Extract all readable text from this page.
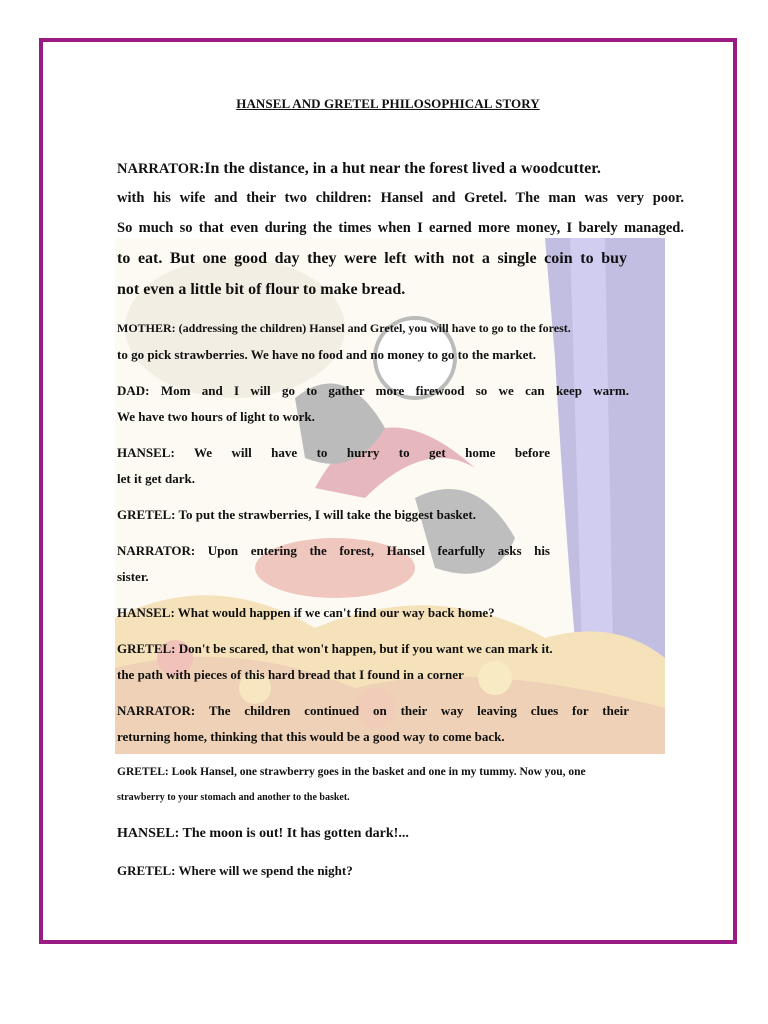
HANSEL AND GRETEL PHILOSOPHICAL STORY
NARRATOR:In the distance, in a hut near the forest lived a woodcutter.
with his wife and their two children: Hansel and Gretel. The man was very poor.
So much so that even during the times when I earned more money, I barely managed.
to eat. But one good day they were left with not a single coin to buy
not even a little bit of flour to make bread.
MOTHER: (addressing the children) Hansel and Gretel, you will have to go to the forest.
to go pick strawberries. We have no food and no money to go to the market.
DAD: Mom and I will go to gather more firewood so we can keep warm.
We have two hours of light to work.
HANSEL: We will have to hurry to get home before
let it get dark.
GRETEL: To put the strawberries, I will take the biggest basket.
NARRATOR: Upon entering the forest, Hansel fearfully asks his
sister.
HANSEL: What would happen if we can't find our way back home?
GRETEL: Don't be scared, that won't happen, but if you want we can mark it.
the path with pieces of this hard bread that I found in a corner
NARRATOR: The children continued on their way leaving clues for their
returning home, thinking that this would be a good way to come back.
GRETEL: Look Hansel, one strawberry goes in the basket and one in my tummy. Now you, one
strawberry to your stomach and another to the basket.
HANSEL: The moon is out! It has gotten dark!...
GRETEL: Where will we spend the night?
